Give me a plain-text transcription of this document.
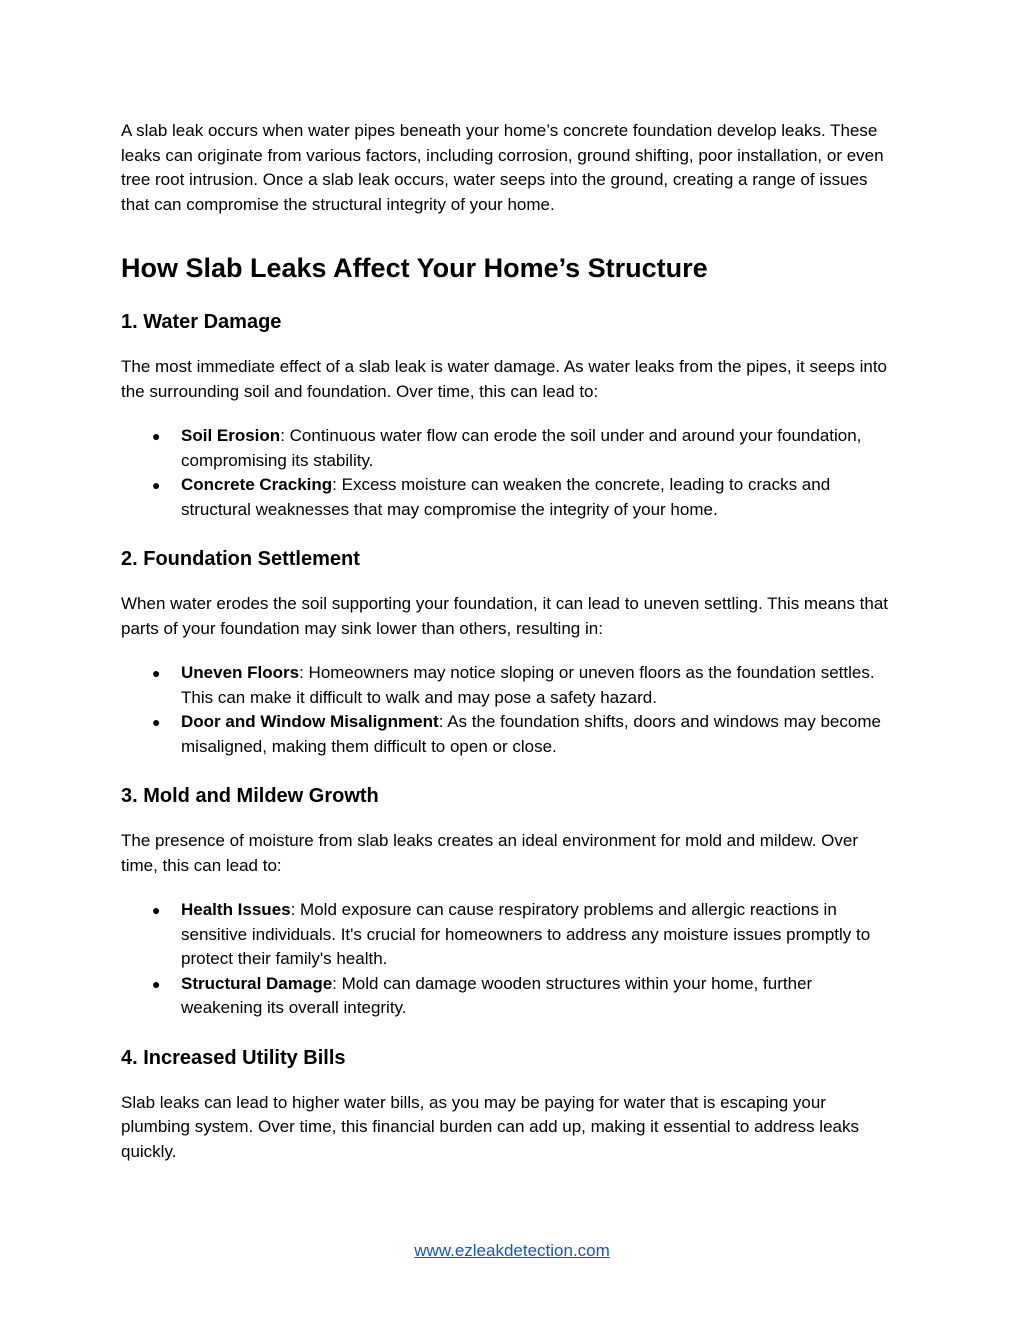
A slab leak occurs when water pipes beneath your home’s concrete foundation develop leaks. These leaks can originate from various factors, including corrosion, ground shifting, poor installation, or even tree root intrusion. Once a slab leak occurs, water seeps into the ground, creating a range of issues that can compromise the structural integrity of your home.

How Slab Leaks Affect Your Home’s Structure
1. Water Damage

The most immediate effect of a slab leak is water damage. As water leaks from the pipes, it seeps into the surrounding soil and foundation. Over time, this can lead to:

● Soil Erosion: Continuous water flow can erode the soil under and around your foundation, compromising its stability.
● Concrete Cracking: Excess moisture can weaken the concrete, leading to cracks and structural weaknesses that may compromise the integrity of your home.
2. Foundation Settlement

When water erodes the soil supporting your foundation, it can lead to uneven settling. This means that parts of your foundation may sink lower than others, resulting in:

● Uneven Floors: Homeowners may notice sloping or uneven floors as the foundation settles. This can make it difficult to walk and may pose a safety hazard.
● Door and Window Misalignment: As the foundation shifts, doors and windows may become misaligned, making them difficult to open or close.
3. Mold and Mildew Growth

The presence of moisture from slab leaks creates an ideal environment for mold and mildew. Over time, this can lead to:

● Health Issues: Mold exposure can cause respiratory problems and allergic reactions in sensitive individuals. It's crucial for homeowners to address any moisture issues promptly to protect their family's health.
● Structural Damage: Mold can damage wooden structures within your home, further weakening its overall integrity.
4. Increased Utility Bills

Slab leaks can lead to higher water bills, as you may be paying for water that is escaping your plumbing system. Over time, this financial burden can add up, making it essential to address leaks quickly.

www.ezleakdetection.com
